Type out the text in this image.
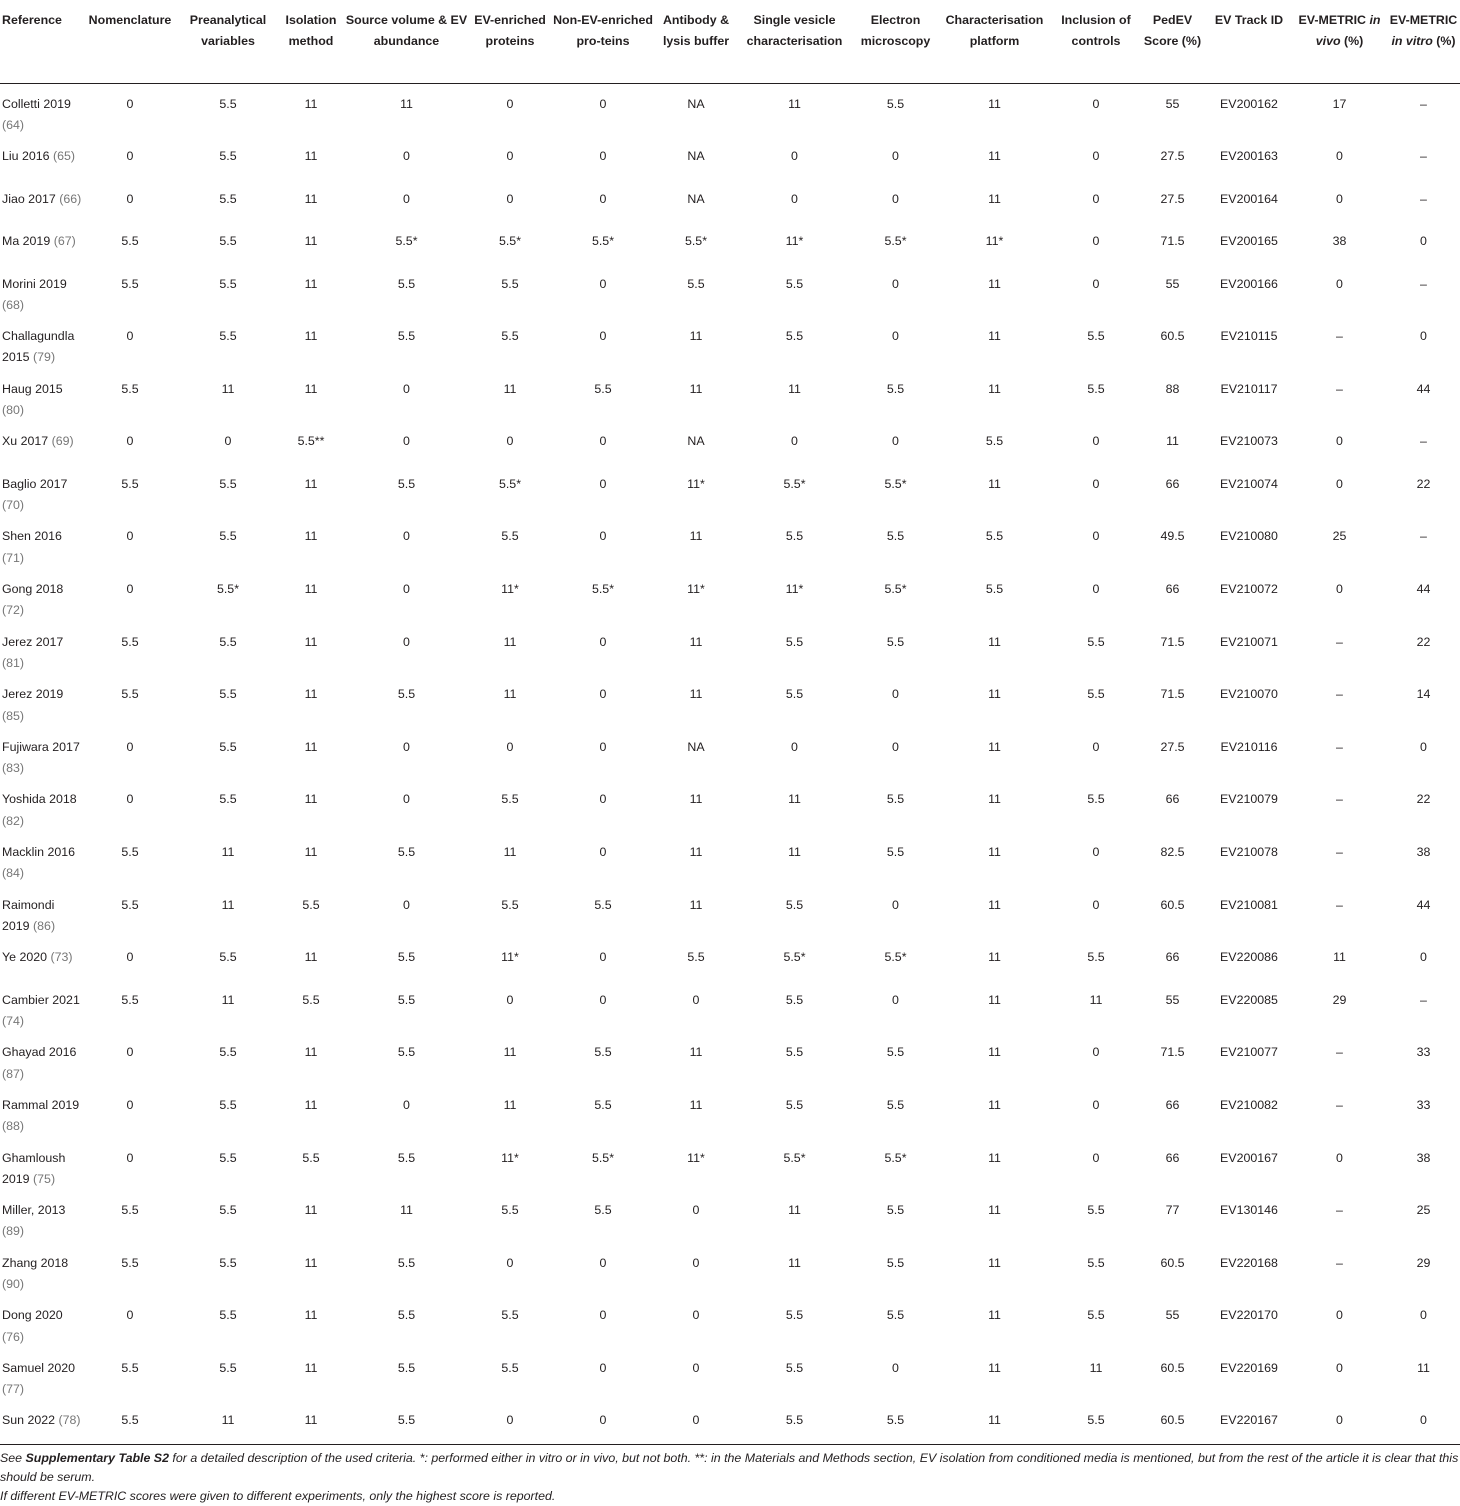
Reference	Nomenclature	Preanalytical variables	Isolation method	Source volume & EV abundance	EV-enriched proteins	Non-EV-enriched pro-teins	Antibody & lysis buffer	Single vesicle characterisation	Electron microscopy	Characterisation platform	Inclusion of controls	PedEV Score (%)	EV Track ID	EV-METRIC in vivo (%)	EV-METRIC in vitro (%)
Colletti 2019 (64)	0	5.5	11	11	0	0	NA	11	5.5	11	0	55	EV200162	17	–
Liu 2016 (65)	0	5.5	11	0	0	0	NA	0	0	11	0	27.5	EV200163	0	–
Jiao 2017 (66)	0	5.5	11	0	0	0	NA	0	0	11	0	27.5	EV200164	0	–
Ma 2019 (67)	5.5	5.5	11	5.5*	5.5*	5.5*	5.5*	11*	5.5*	11*	0	71.5	EV200165	38	0
Morini 2019 (68)	5.5	5.5	11	5.5	5.5	0	5.5	5.5	0	11	0	55	EV200166	0	–
Challagundla 2015 (79)	0	5.5	11	5.5	5.5	0	11	5.5	0	11	5.5	60.5	EV210115	–	0
Haug 2015 (80)	5.5	11	11	0	11	5.5	11	11	5.5	11	5.5	88	EV210117	–	44
Xu 2017 (69)	0	0	5.5**	0	0	0	NA	0	0	5.5	0	11	EV210073	0	–
Baglio 2017 (70)	5.5	5.5	11	5.5	5.5*	0	11*	5.5*	5.5*	11	0	66	EV210074	0	22
Shen 2016 (71)	0	5.5	11	0	5.5	0	11	5.5	5.5	5.5	0	49.5	EV210080	25	–
Gong 2018 (72)	0	5.5*	11	0	11*	5.5*	11*	11*	5.5*	5.5	0	66	EV210072	0	44
Jerez 2017 (81)	5.5	5.5	11	0	11	0	11	5.5	5.5	11	5.5	71.5	EV210071	–	22
Jerez 2019 (85)	5.5	5.5	11	5.5	11	0	11	5.5	0	11	5.5	71.5	EV210070	–	14
Fujiwara 2017 (83)	0	5.5	11	0	0	0	NA	0	0	11	0	27.5	EV210116	–	0
Yoshida 2018 (82)	0	5.5	11	0	5.5	0	11	11	5.5	11	5.5	66	EV210079	–	22
Macklin 2016 (84)	5.5	11	11	5.5	11	0	11	11	5.5	11	0	82.5	EV210078	–	38
Raimondi 2019 (86)	5.5	11	5.5	0	5.5	5.5	11	5.5	0	11	0	60.5	EV210081	–	44
Ye 2020 (73)	0	5.5	11	5.5	11*	0	5.5	5.5*	5.5*	11	5.5	66	EV220086	11	0
Cambier 2021 (74)	5.5	11	5.5	5.5	0	0	0	5.5	0	11	11	55	EV220085	29	–
Ghayad 2016 (87)	0	5.5	11	5.5	11	5.5	11	5.5	5.5	11	0	71.5	EV210077	–	33
Rammal 2019 (88)	0	5.5	11	0	11	5.5	11	5.5	5.5	11	0	66	EV210082	–	33
Ghamloush 2019 (75)	0	5.5	5.5	5.5	11*	5.5*	11*	5.5*	5.5*	11	0	66	EV200167	0	38
Miller, 2013 (89)	5.5	5.5	11	11	5.5	5.5	0	11	5.5	11	5.5	77	EV130146	–	25
Zhang 2018 (90)	5.5	5.5	11	5.5	0	0	0	11	5.5	11	5.5	60.5	EV220168	–	29
Dong 2020 (76)	0	5.5	11	5.5	5.5	0	0	5.5	5.5	11	5.5	55	EV220170	0	0
Samuel 2020 (77)	5.5	5.5	11	5.5	5.5	0	0	5.5	0	11	11	60.5	EV220169	0	11
Sun 2022 (78)	5.5	11	11	5.5	0	0	0	5.5	5.5	11	5.5	60.5	EV220167	0	0

See Supplementary Table S2 for a detailed description of the used criteria. *: performed either in vitro or in vivo, but not both. **: in the Materials and Methods section, EV isolation from conditioned media is mentioned, but from the rest of the article it is clear that this should be serum.

If different EV-METRIC scores were given to different experiments, only the highest score is reported.
